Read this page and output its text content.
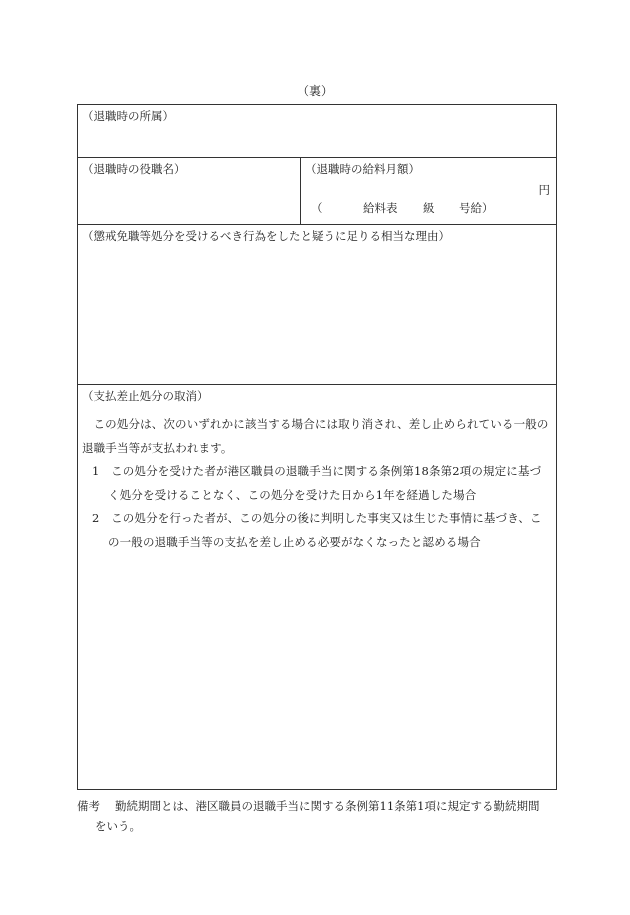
（裏）
（退職時の所属）
（退職時の役職名）	（退職時の給料月額）
円
（	給料表 級 号給）
（懲戒免職等処分を受けるべき行為をしたと疑うに足りる相当な理由）
（支払差止処分の取消）

この処分は、次のいずれかに該当する場合には取り消され、差し止められている一般の退職手当等が支払われます。

1　この処分を受けた者が港区職員の退職手当に関する条例第18条第2項の規定に基づく処分を受けることなく、この処分を受けた日から1年を経過した場合

2　この処分を行った者が、この処分の後に判明した事実又は生じた事情に基づき、この一般の退職手当等の支払を差し止める必要がなくなったと認める場合

備考 勤続期間とは、港区職員の退職手当に関する条例第11条第1項に規定する勤続期間
をいう。
